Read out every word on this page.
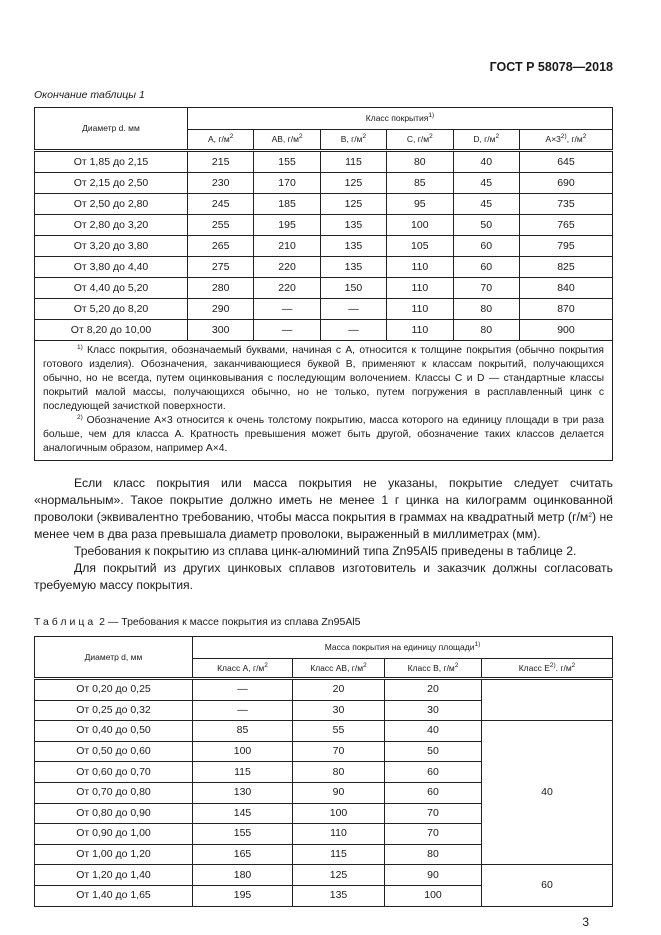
ГОСТ Р 58078—2018
Окончание таблицы 1
Диаметр d. мм	Класс покрытия$^{1)}$
	A, $г/м^2$	AB, $г/м^2$	B, $г/м^2$	C, $г/м^2$	D, $г/м^2$	$A\times 3^{2)}$, $г/м^2$
От 1,85 до 2,15	215	155	115	80	40	645
От 2,15 до 2,50	230	170	125	85	45	690
От 2,50 до 2,80	245	185	125	95	45	735
От 2,80 до 3,20	255	195	135	100	50	765
От 3,20 до 3,80	265	210	135	105	60	795
От 3,80 до 4,40	275	220	135	110	60	825
От 4,40 до 5,20	280	220	150	110	70	840
От 5,20 до 8,20	290	—	—	110	80	870
От 8,20 до 10,00	300	—	—	110	80	900

$^{1)}$ Класс покрытия, обозначаемый буквами, начиная с А, относится к толщине покрытия (обычно покрытия готового изделия). Обозначения, заканчивающиеся буквой В, применяют к классам покрытий, получающихся обычно, но не всегда, путем оцинковывания с последующим волочением. Классы С и D — стандартные классы покрытий малой массы, получающихся обычно, но не только, путем погружения в расплавленный цинк с последующей зачисткой поверхности.

$^{2)}$ Обозначение А×3 относится к очень толстому покрытию, масса которого на единицу площади в три раза больше, чем для класса А. Кратность превышения может быть другой, обозначение таких классов делается аналогичным образом, например А×4.

Если класс покрытия или масса покрытия не указаны, покрытие следует считать «нормальным». Такое покрытие должно иметь не менее 1 г цинка на килограмм оцинкованной проволоки (эквивалентно требованию, чтобы масса покрытия в граммах на квадратный метр $(г/м^2)$ не менее чем в два раза превышала диаметр проволоки, выраженный в миллиметрах (мм).

Требования к покрытию из сплава цинк-алюминий типа Zn95Al5 приведены в таблице 2.

Для покрытий из других цинковых сплавов изготовитель и заказчик должны согласовать требуемую массу покрытия.

Таблица 2 — Требования к массе покрытия из сплава Zn95Al5
Диаметр d, мм	Масса покрытия на единицу площади$^{1)}$
	Класс А, $г/м^2$	Класс АВ, $г/м^2$	Класс В, $г/м^2$	Класс $E^{2)}$. $г/м^2$
От 0,20 до 0,25	—	20	20	
От 0,25 до 0,32	—	30	30	
От 0,40 до 0,50	85	55	40	40
От 0,50 до 0,60	100	70	50	
От 0,60 до 0,70	115	80	60	
От 0,70 до 0,80	130	90	60	
От 0,80 до 0,90	145	100	70	
От 0,90 до 1,00	155	110	70	
От 1,00 до 1,20	165	115	80	
От 1,20 до 1,40	180	125	90	60
От 1,40 до 1,65	195	135	100	
3
